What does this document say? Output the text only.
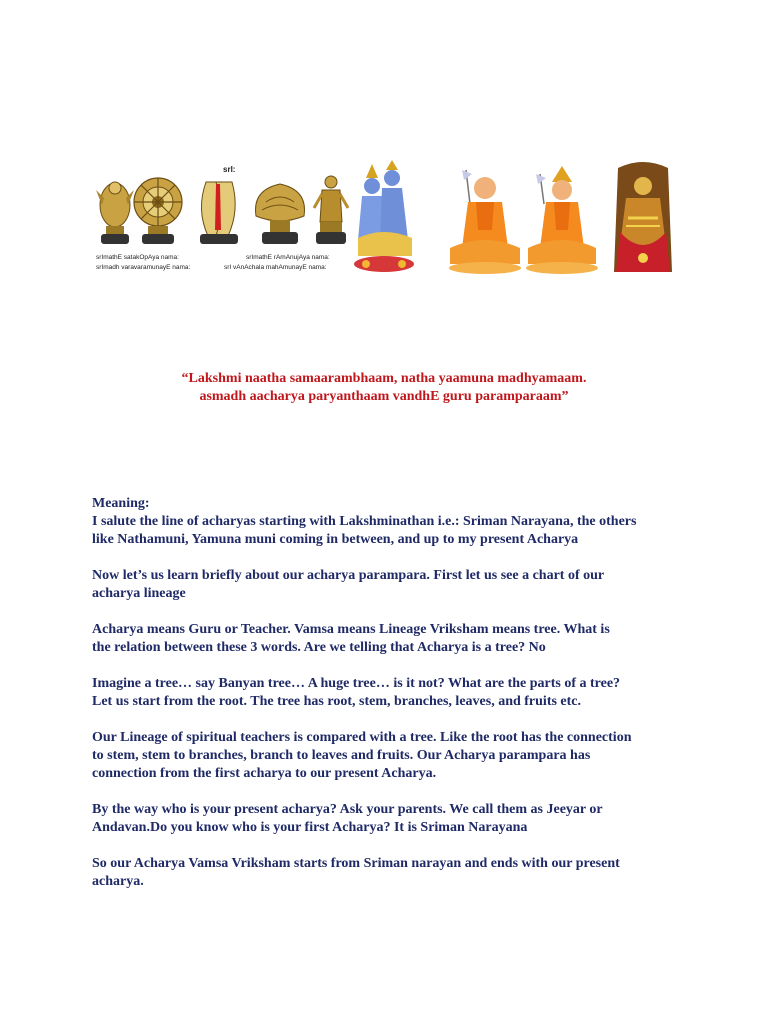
srI:
srImathE satakOpAya nama:
srImadh varavaramunayE nama:
srImathE rAmAnujAya nama:
srI vAnAchala mahAmunayE nama:
“Lakshmi naatha samaarambhaam, natha yaamuna madhyamaam.
asmadh aacharya paryanthaam vandhE guru paramparaam”

Meaning:
I salute the line of acharyas starting with Lakshminathan i.e.: Sriman Narayana, the others
like Nathamuni, Yamuna muni coming in between, and up to my present Acharya

Now let’s us learn briefly about our acharya parampara. First let us see a chart of our
acharya lineage

Acharya means Guru or Teacher. Vamsa means Lineage Vriksham means tree. What is
the relation between these 3 words. Are we telling that Acharya is a tree? No

Imagine a tree… say Banyan tree… A huge tree… is it not? What are the parts of a tree?
Let us start from the root. The tree has root, stem, branches, leaves, and fruits etc.

Our Lineage of spiritual teachers is compared with a tree. Like the root has the connection
to stem, stem to branches, branch to leaves and fruits. Our Acharya parampara has
connection from the first acharya to our present Acharya.

By the way who is your present acharya? Ask your parents. We call them as Jeeyar or
Andavan.Do you know who is your first Acharya? It is Sriman Narayana

So our Acharya Vamsa Vriksham starts from Sriman narayan and ends with our present
acharya.
